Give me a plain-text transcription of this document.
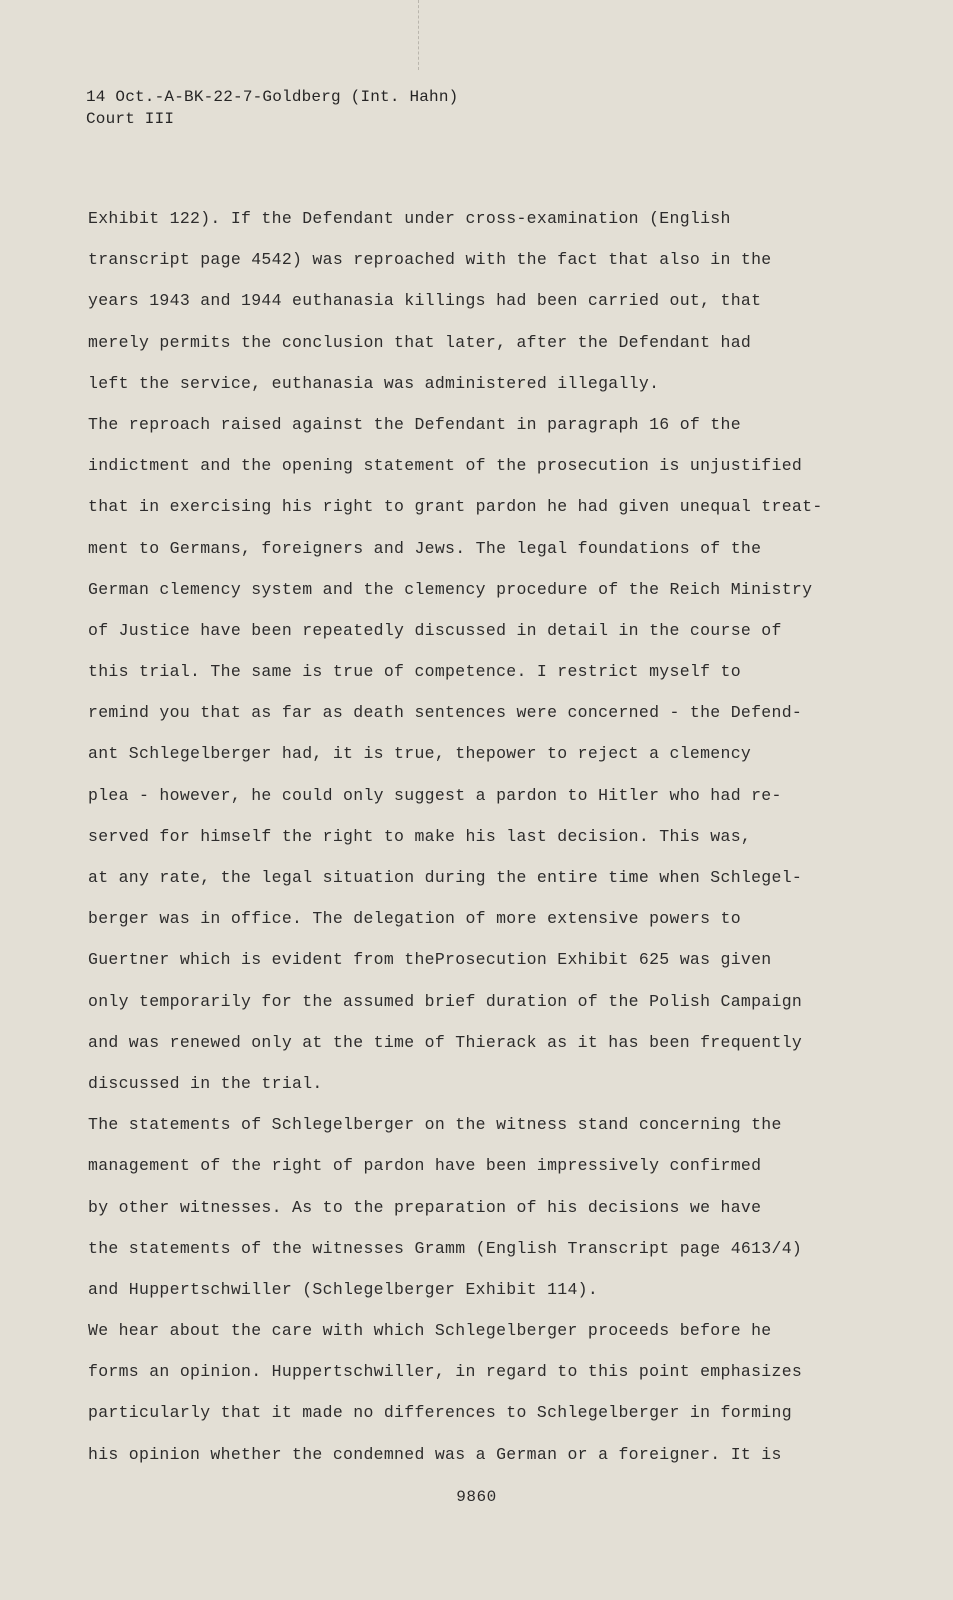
14 Oct.-A-BK-22-7-Goldberg (Int. Hahn)
Court III
Exhibit 122). If the Defendant under cross-examination (English
transcript page 4542) was reproached with the fact that also in the
years 1943 and 1944 euthanasia killings had been carried out, that
merely permits the conclusion that later, after the Defendant had
left the service, euthanasia was administered illegally.
The reproach raised against the Defendant in paragraph 16 of the
indictment and the opening statement of the prosecution is unjustified
that in exercising his right to grant pardon he had given unequal treat-
ment to Germans, foreigners and Jews. The legal foundations of the
German clemency system and the clemency procedure of the Reich Ministry
of Justice have been repeatedly discussed in detail in the course of
this trial. The same is true of competence. I restrict myself to
remind you that as far as death sentences were concerned - the Defend-
ant Schlegelberger had, it is true, thepower to reject a clemency
plea - however, he could only suggest a pardon to Hitler who had re-
served for himself the right to make his last decision. This was,
at any rate, the legal situation during the entire time when Schlegel-
berger was in office. The delegation of more extensive powers to
Guertner which is evident from theProsecution Exhibit 625 was given
only temporarily for the assumed brief duration of the Polish Campaign
and was renewed only at the time of Thierack as it has been frequently
discussed in the trial.
The statements of Schlegelberger on the witness stand concerning the
management of the right of pardon have been impressively confirmed
by other witnesses. As to the preparation of his decisions we have
the statements of the witnesses Gramm (English Transcript page 4613/4)
and Huppertschwiller (Schlegelberger Exhibit 114).
We hear about the care with which Schlegelberger proceeds before he
forms an opinion. Huppertschwiller, in regard to this point emphasizes
particularly that it made no differences to Schlegelberger in forming
his opinion whether the condemned was a German or a foreigner. It is
9860
